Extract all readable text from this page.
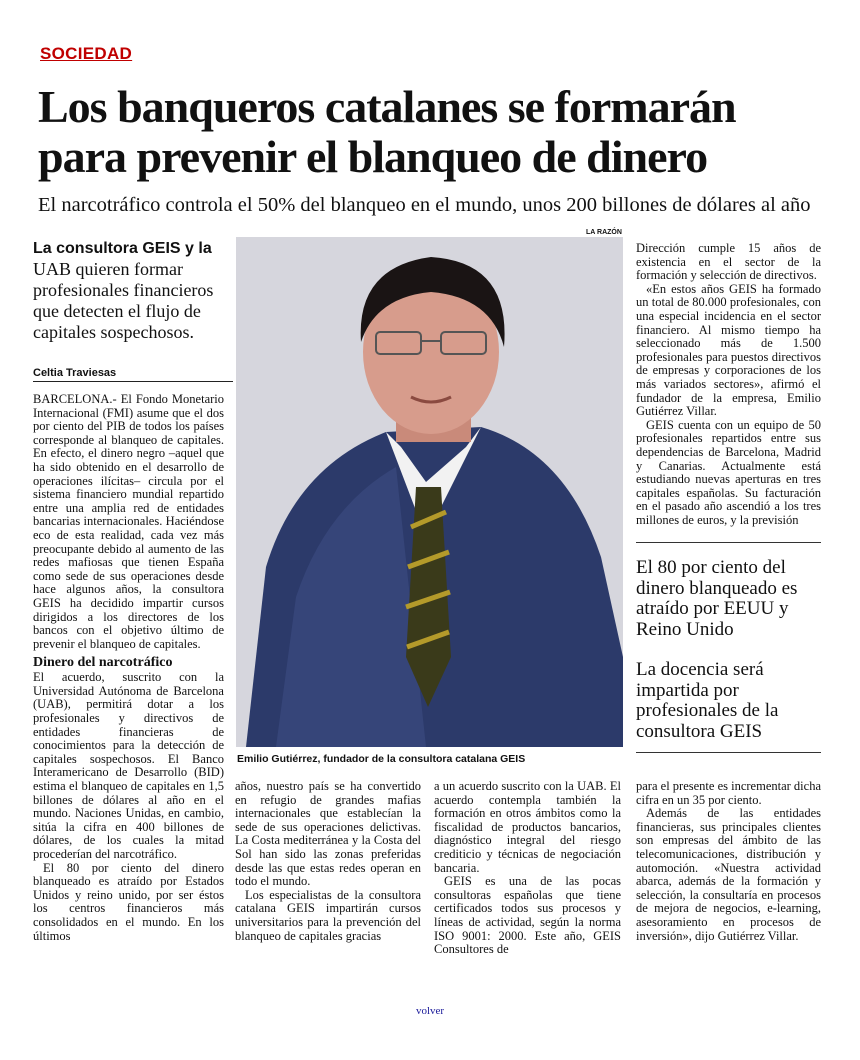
SOCIEDAD
Los banqueros catalanes se formarán
para prevenir el blanqueo de dinero
El narcotráfico controla el 50% del blanqueo en el mundo, unos 200 billones de dólares al año
La consultora GEIS y la UAB quieren formar profesionales financieros que detecten el flujo de capitales sospechosos.
Celtia Traviesas

BARCELONA.- El Fondo Monetario Internacional (FMI) asume que el dos por ciento del PIB de todos los países corresponde al blanqueo de capitales. En efecto, el dinero negro –aquel que ha sido obtenido en el desarrollo de operaciones ilícitas– circula por el sistema financiero mundial repartido entre una amplia red de entidades bancarias internacionales. Haciéndose eco de esta realidad, cada vez más preocupante debido al aumento de las redes mafiosas que tienen España como sede de sus operaciones desde hace algunos años, la consultora GEIS ha decidido impartir cursos dirigidos a los directores de los bancos con el objetivo último de prevenir el blanqueo de capitales.

Dinero del narcotráfico

El acuerdo, suscrito con la Universidad Autónoma de Barcelona (UAB), permitirá dotar a los profesionales y directivos de entidades financieras de conocimientos para la detección de capitales sospechosos. El Banco Interamericano de Desarrollo (BID) estima el blanqueo de capitales en 1,5 billones de dólares al año en el mundo. Naciones Unidas, en cambio, sitúa la cifra en 400 billones de dólares, de los cuales la mitad procederían del narcotráfico.

El 80 por ciento del dinero blanqueado es atraído por Estados Unidos y reino unido, por ser éstos los centros financieros más consolidados en el mundo. En los últimos

LA RAZÓN
Emilio Gutiérrez, fundador de la consultora catalana GEIS

años, nuestro país se ha convertido en refugio de grandes mafias internacionales que establecían la sede de sus operaciones delictivas. La Costa mediterránea y la Costa del Sol han sido las zonas preferidas desde las que estas redes operan en todo el mundo.

Los especialistas de la consultora catalana GEIS impartirán cursos universitarios para la prevención del blanqueo de capitales gracias

a un acuerdo suscrito con la UAB. El acuerdo contempla también la formación en otros ámbitos como la fiscalidad de productos bancarios, diagnóstico integral del riesgo crediticio y técnicas de negociación bancaria.

GEIS es una de las pocas consultoras españolas que tiene certificados todos sus procesos y líneas de actividad, según la norma ISO 9001: 2000. Este año, GEIS Consultores de

Dirección cumple 15 años de existencia en el sector de la formación y selección de directivos.

«En estos años GEIS ha formado un total de 80.000 profesionales, con una especial incidencia en el sector financiero. Al mismo tiempo ha seleccionado más de 1.500 profesionales para puestos directivos de empresas y corporaciones de los más variados sectores», afirmó el fundador de la empresa, Emilio Gutiérrez Villar.

GEIS cuenta con un equipo de 50 profesionales repartidos entre sus dependencias de Barcelona, Madrid y Canarias. Actualmente está estudiando nuevas aperturas en tres capitales españolas. Su facturación en el pasado año ascendió a los tres millones de euros, y la previsión

El 80 por ciento del dinero blanqueado es atraído por EEUU y Reino Unido
La docencia será impartida por profesionales de la consultora GEIS

para el presente es incrementar dicha cifra en un 35 por ciento.

Además de las entidades financieras, sus principales clientes son empresas del ámbito de las telecomunicaciones, distribución y automoción. «Nuestra actividad abarca, además de la formación y selección, la consultaría en procesos de mejora de negocios, e-learning, asesoramiento en procesos de inversión», dijo Gutiérrez Villar.

volver
